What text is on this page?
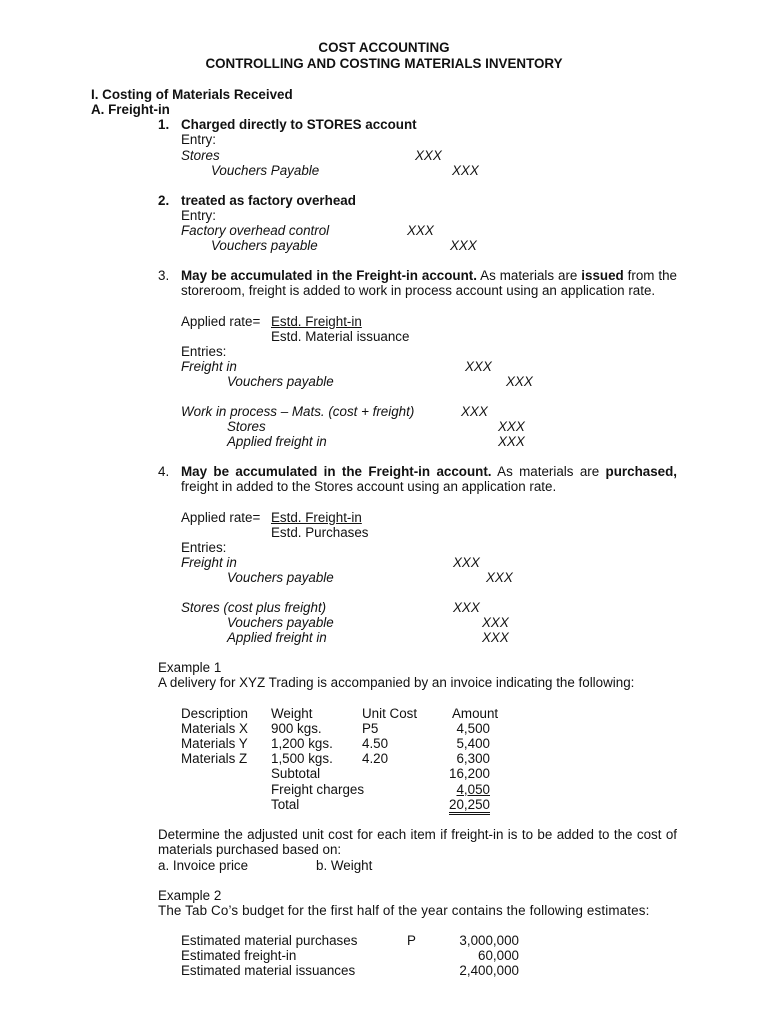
COST ACCOUNTING
CONTROLLING AND COSTING MATERIALS INVENTORY
I. Costing of Materials Received
A. Freight-in
1. Charged directly to STORES account
Entry:
Stores	XXX
Vouchers Payable	XXX
2. treated as factory overhead
Entry:
Factory overhead control	XXX
Vouchers payable	XXX
3. May be accumulated in the Freight-in account. As materials are issued from the storeroom, freight is added to work in process account using an application rate.
Applied rate= Estd. Freight-in
Estd. Material issuance
Entries:
Freight in	XXX
Vouchers payable	XXX
Work in process – Mats. (cost + freight)	XXX
Stores	XXX
Applied freight in	XXX
4. May be accumulated in the Freight-in account. As materials are purchased, freight in added to the Stores account using an application rate.
Applied rate= Estd. Freight-in
Estd. Purchases
Entries:
Freight in	XXX
Vouchers payable	XXX
Stores (cost plus freight)	XXX
Vouchers payable	XXX
Applied freight in	XXX
Example 1
A delivery for XYZ Trading is accompanied by an invoice indicating the following:
Description Weight	Unit Cost	Amount
Materials X 900 kgs.	P5	4,500
Materials Y 1,200 kgs. 4.50	5,400
Materials Z 1,500 kgs. 4.20	6,300
Subtotal	16,200
Freight charges	4,050
Total	20,250
Determine the adjusted unit cost for each item if freight-in is to be added to the cost of materials purchased based on:
a. Invoice price	b. Weight
Example 2
The Tab Co’s budget for the first half of the year contains the following estimates:
Estimated material purchases	P	3,000,000
Estimated freight-in	60,000
Estimated material issuances	2,400,000
